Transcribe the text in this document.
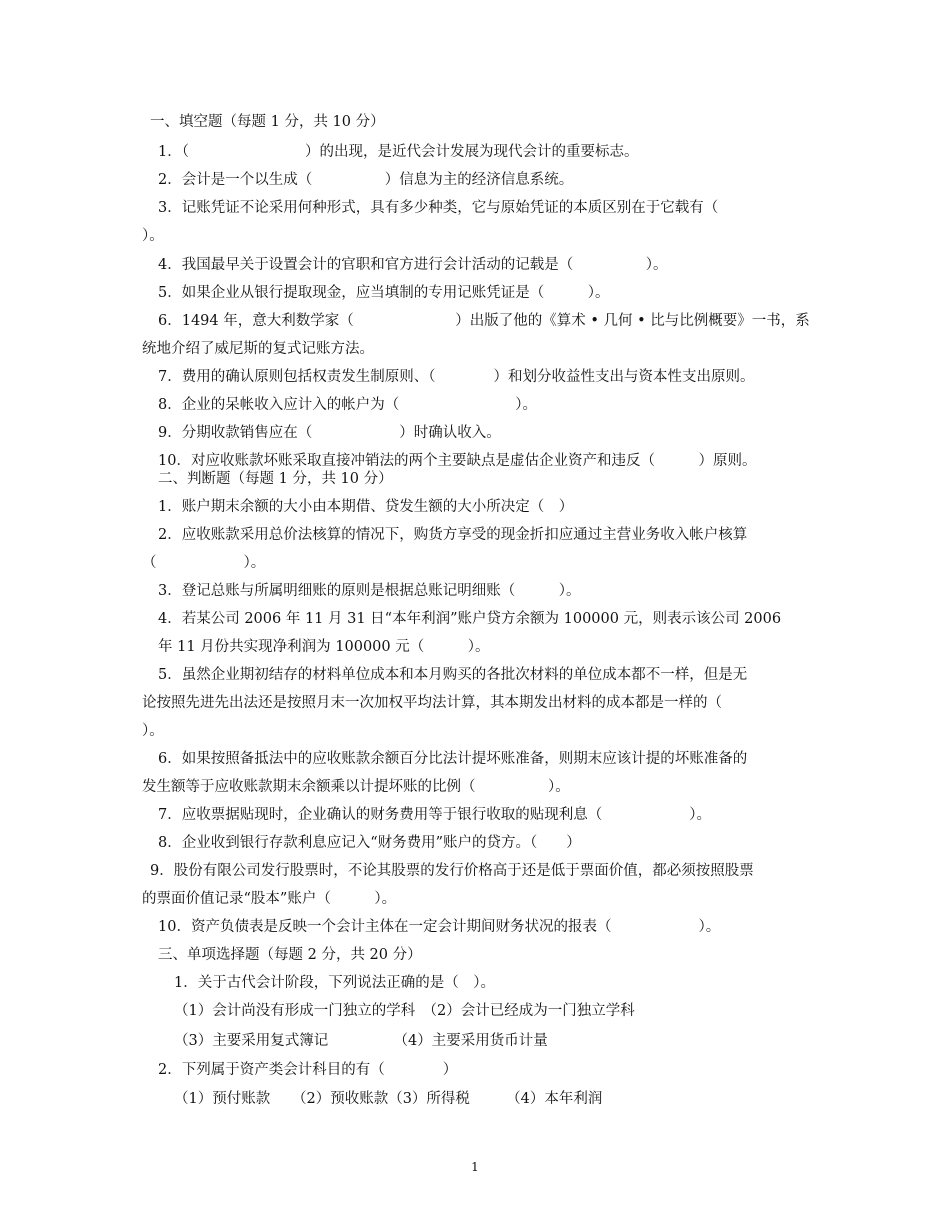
一、填空题（每题 1 分，共 10 分）
1．（　　　　　　　　）的出现，是近代会计发展为现代会计的重要标志。
2．会计是一个以生成（　　　　　）信息为主的经济信息系统。
3．记账凭证不论采用何种形式，具有多少种类，它与原始凭证的本质区别在于它载有（
）。
4．我国最早关于设置会计的官职和官方进行会计活动的记载是（　　　　　）。
5．如果企业从银行提取现金，应当填制的专用记账凭证是（　　　）。
6．1494 年，意大利数学家（　　　　　　　）出版了他的《算术 • 几何 • 比与比例概要》一书，系
统地介绍了威尼斯的复式记账方法。
7．费用的确认原则包括权责发生制原则、（　　　　）和划分收益性支出与资本性支出原则。
8．企业的呆帐收入应计入的帐户为（　　　　　　　　）。
9．分期收款销售应在（　　　　　　）时确认收入。
10．对应收账款坏账采取直接冲销法的两个主要缺点是虚估企业资产和违反（　　　）原则。
二、判断题（每题 1 分，共 10 分）
1．账户期末余额的大小由本期借、贷发生额的大小所决定（　）
2．应收账款采用总价法核算的情况下，购货方享受的现金折扣应通过主营业务收入帐户核算
（　　　　　　）。
3．登记总账与所属明细账的原则是根据总账记明细账（　　　）。
4．若某公司 2006 年 11 月 31 日“本年利润”账户贷方余额为 100000 元，则表示该公司 2006
年 11 月份共实现净利润为 100000 元（　　　）。
5．虽然企业期初结存的材料单位成本和本月购买的各批次材料的单位成本都不一样，但是无
论按照先进先出法还是按照月末一次加权平均法计算，其本期发出材料的成本都是一样的（
）。
6．如果按照备抵法中的应收账款余额百分比法计提坏账准备，则期末应该计提的坏账准备的
发生额等于应收账款期末余额乘以计提坏账的比例（　　　　　）。
7．应收票据贴现时，企业确认的财务费用等于银行收取的贴现利息（　　　　　　）。
8．企业收到银行存款利息应记入“财务费用”账户的贷方。（　　）
9．股份有限公司发行股票时，不论其股票的发行价格高于还是低于票面价值，都必须按照股票
的票面价值记录“股本”账户（　　　）。
10．资产负债表是反映一个会计主体在一定会计期间财务状况的报表（　　　　　　）。
三、单项选择题（每题 2 分，共 20 分）
1．关于古代会计阶段，下列说法正确的是（　）。
（1）会计尚没有形成一门独立的学科　（2）会计已经成为一门独立学科
（3）主要采用复式簿记　　　　　（4）主要采用货币计量
2．下列属于资产类会计科目的有（　　　　）
（1）预付账款　　（2）预收账款（3）所得税　　　（4）本年利润
1
